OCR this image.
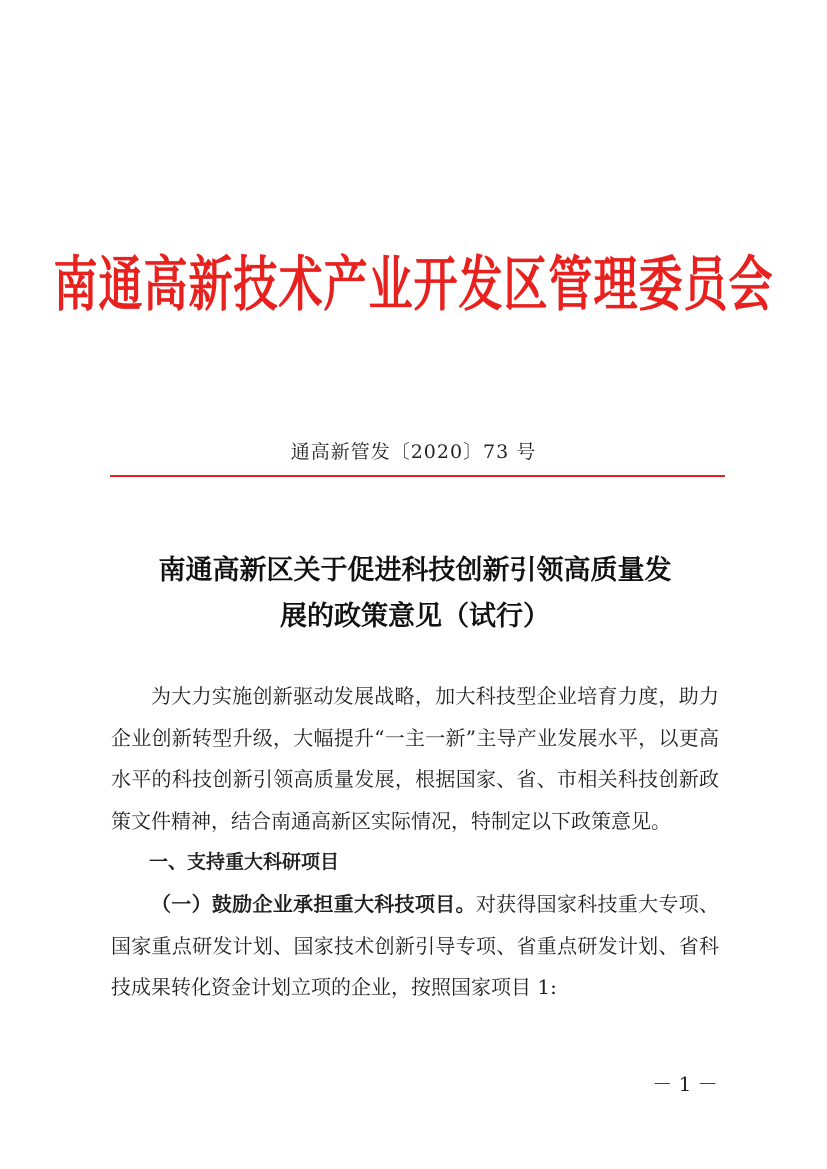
南通高新技术产业开发区管理委员会
通高新管发〔2020〕73 号
南通高新区关于促进科技创新引领高质量发
展的政策意见（试行）

为大力实施创新驱动发展战略，加大科技型企业培育力度，助力企业创新转型升级，大幅提升“一主一新”主导产业发展水平，以更高水平的科技创新引领高质量发展，根据国家、省、市相关科技创新政策文件精神，结合南通高新区实际情况，特制定以下政策意见。

一、支持重大科研项目

（一）鼓励企业承担重大科技项目。对获得国家科技重大专项、国家重点研发计划、国家技术创新引导专项、省重点研发计划、省科技成果转化资金计划立项的企业，按照国家项目 1:

－ 1 －
